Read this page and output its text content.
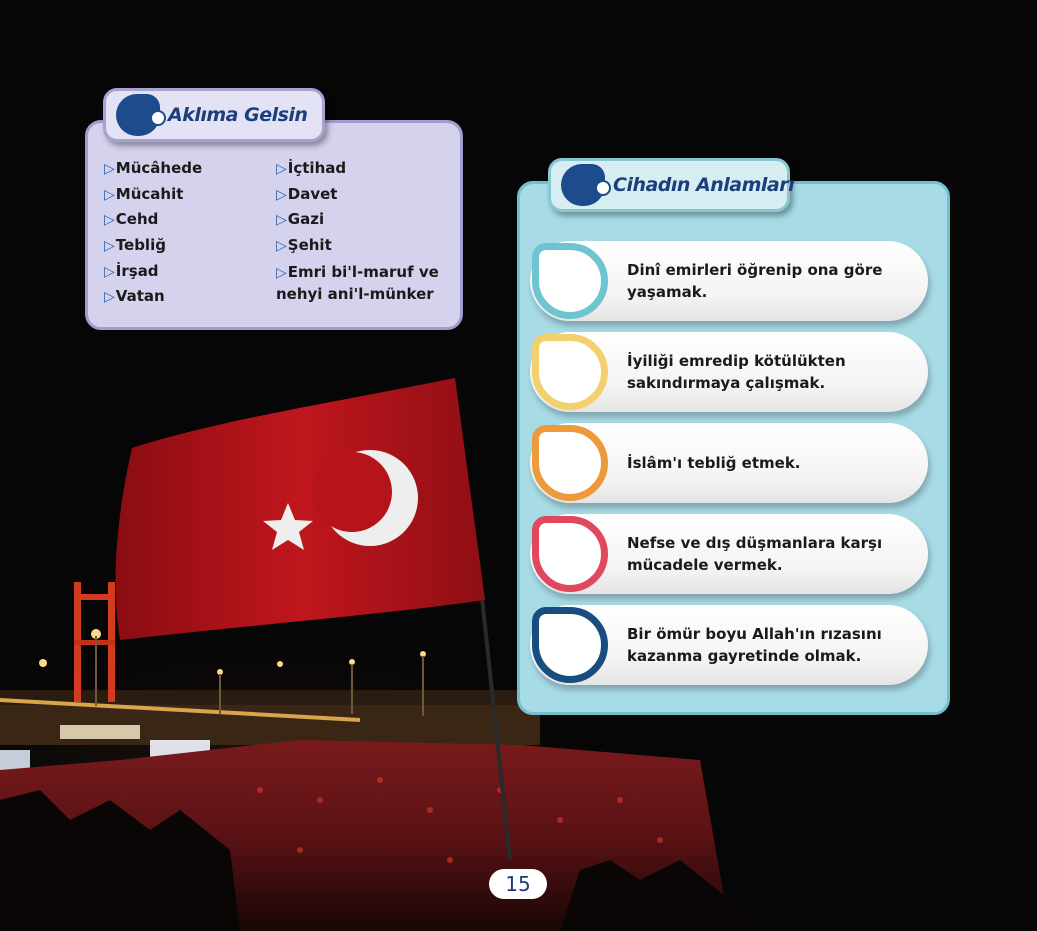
Aklıma Gelsin
▷Mücâhede
▷Mücahit
▷Cehd
▷Tebliğ
▷İrşad
▷Vatan
▷İçtihad
▷Davet
▷Gazi
▷Şehit
▷Emri bi'l-maruf ve
nehyi ani'l-münker
Cihadın Anlamları
Dinî emirleri öğrenip ona göre yaşamak.
İyiliği emredip kötülükten sakındırmaya çalışmak.
İslâm'ı tebliğ etmek.
Nefse ve dış düşmanlara karşı mücadele vermek.
Bir ömür boyu Allah'ın rızasını kazanma gayretinde olmak.
15
